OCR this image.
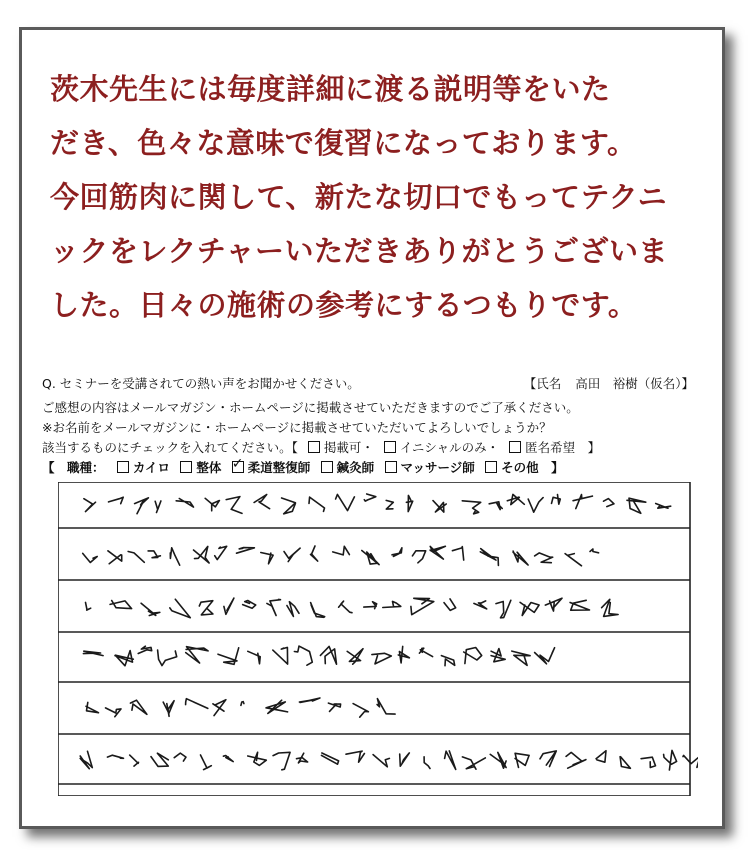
茨木先生には毎度詳細に渡る説明等をいた
だき、色々な意味で復習になっております。
今回筋肉に関して、新たな切口でもってテクニ
ックをレクチャーいただきありがとうございま
した。日々の施術の参考にするつもりです。
Q. セミナーを受講されての熱い声をお聞かせください。	【氏名 高田　裕樹（仮名）】
ご感想の内容はメールマガジン・ホームページに掲載させていただきますのでご了承ください。
※お名前をメールマガジンに・ホームページに掲載させていただいてよろしいでしょうか？
該当するものにチェックを入れてください。【 掲載可・ イニシャルのみ・ 匿名希望　】
【　職種： カイロ 整体 ✓ 柔道整復師 鍼灸師 マッサージ師 その他　】
